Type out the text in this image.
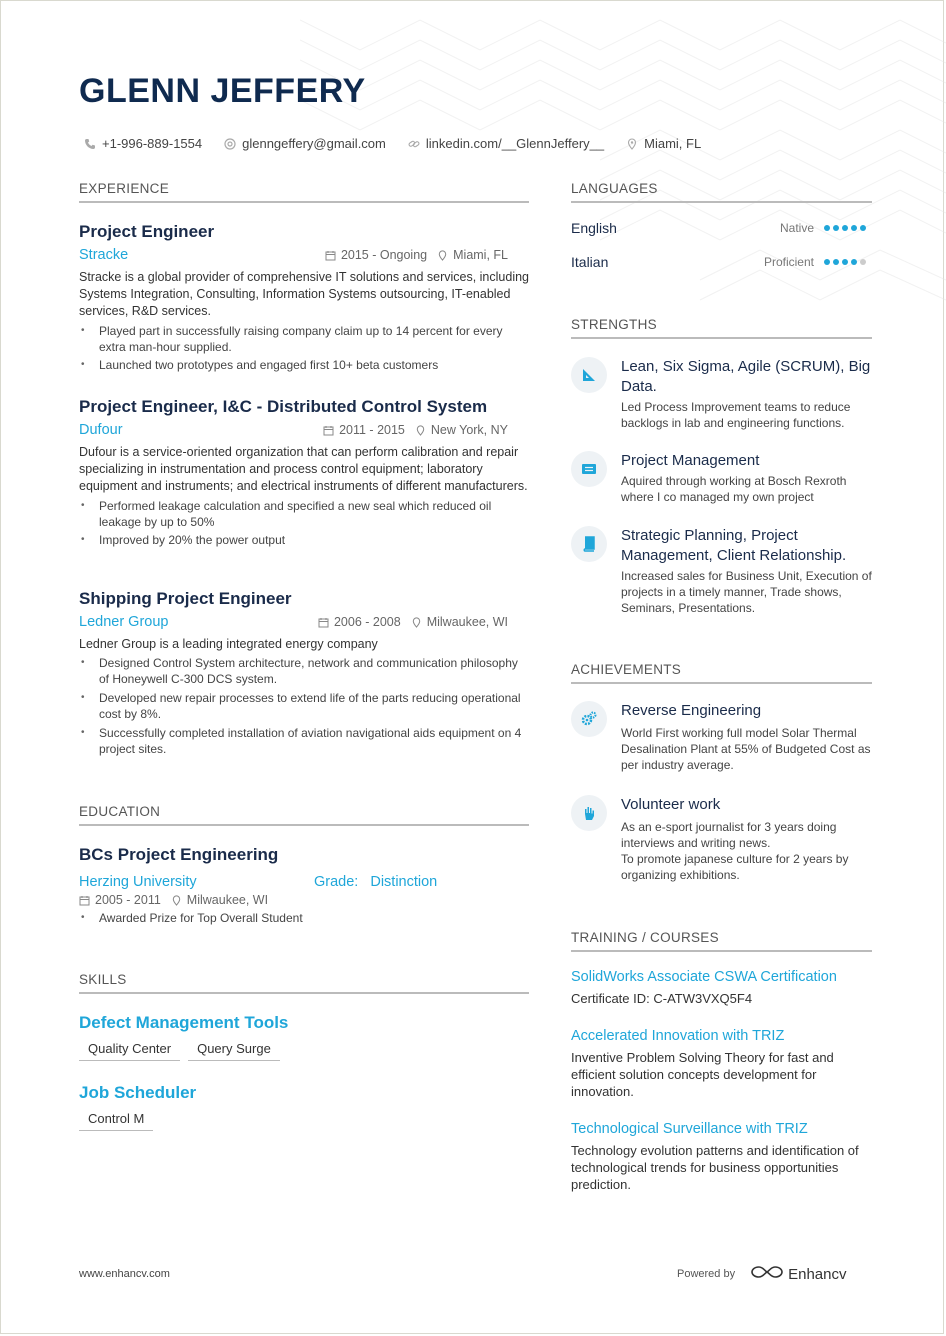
GLENN JEFFERY
+1-996-889-1554	glenngeffery@gmail.com	linkedin.com/__GlennJeffery__	Miami, FL
EXPERIENCE
Project Engineer
Stracke	2015 - Ongoing Miami, FL

Stracke is a global provider of comprehensive IT solutions and services, including Systems Integration, Consulting, Information Systems outsourcing, IT-enabled services, R&D services.

• Played part in successfully raising company claim up to 14 percent for every extra man-hour supplied.
• Launched two prototypes and engaged first 10+ beta customers
Project Engineer, I&C - Distributed Control System
Dufour	2011 - 2015 New York, NY

Dufour is a service-oriented organization that can perform calibration and repair specializing in instrumentation and process control equipment; laboratory equipment and instruments; and electrical instruments of different manufacturers.

• Performed leakage calculation and specified a new seal which reduced oil leakage by up to 50%
• Improved by 20% the power output
Shipping Project Engineer
Ledner Group	2006 - 2008 Milwaukee, WI

Ledner Group is a leading integrated energy company

• Designed Control System architecture, network and communication philosophy of Honeywell C-300 DCS system.
• Developed new repair processes to extend life of the parts reducing operational cost by 8%.
• Successfully completed installation of aviation navigational aids equipment on 4 project sites.
EDUCATION
BCs Project Engineering
Herzing University	Grade: Distinction
2005 - 2011 Milwaukee, WI
• Awarded Prize for Top Overall Student
SKILLS
Defect Management Tools
Quality Center Query Surge
Job Scheduler
Control M
LANGUAGES
English	Native
Italian	Proficient
STRENGTHS

Lean, Six Sigma, Agile (SCRUM), Big Data.

Led Process Improvement teams to reduce backlogs in lab and engineering functions.

Project Management

Aquired through working at Bosch Rexroth where I co managed my own project

Strategic Planning, Project Management, Client Relationship.

Increased sales for Business Unit, Execution of projects in a timely manner, Trade shows, Seminars, Presentations.

ACHIEVEMENTS

Reverse Engineering

World First working full model Solar Thermal Desalination Plant at 55% of Budgeted Cost as per industry average.

Volunteer work

As an e-sport journalist for 3 years doing interviews and writing news.
To promote japanese culture for 2 years by organizing exhibitions.

TRAINING / COURSES

SolidWorks Associate CSWA Certification

Certificate ID: C-ATW3VXQ5F4

Accelerated Innovation with TRIZ

Inventive Problem Solving Theory for fast and efficient solution concepts development for innovation.

Technological Surveillance with TRIZ

Technology evolution patterns and identification of technological trends for business opportunities prediction.

www.enhancv.com	Powered by	Enhancv
